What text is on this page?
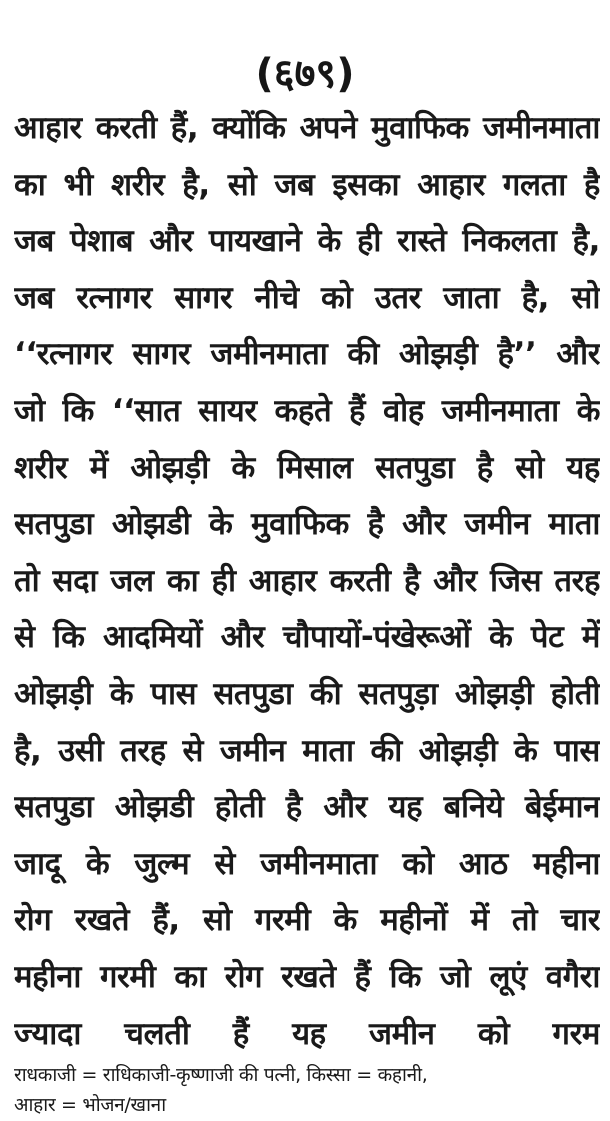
(६७९)
आहार करती हैं, क्योंकि अपने मुवाफिक जमीनमाता
का भी शरीर है, सो जब इसका आहार गलता है
जब पेशाब और पायखाने के ही रास्ते निकलता है,
जब रत्नागर सागर नीचे को उतर जाता है, सो
‘‘रत्नागर सागर जमीनमाता की ओझड़ी है’’ और
जो कि ‘‘सात सायर कहते हैं वोह जमीनमाता के
शरीर में ओझड़ी के मिसाल सतपुडा है सो यह
सतपुडा ओझडी के मुवाफिक है और जमीन माता
तो सदा जल का ही आहार करती है और जिस तरह
से कि आदमियों और चौपायों-पंखेरूओं के पेट में
ओझड़ी के पास सतपुडा की सतपुड़ा ओझड़ी होती
है, उसी तरह से जमीन माता की ओझड़ी के पास
सतपुडा ओझडी होती है और यह बनिये बेईमान
जादू के जुल्म से जमीनमाता को आठ महीना
रोग रखते हैं, सो गरमी के महीनों में तो चार
महीना गरमी का रोग रखते हैं कि जो लूएं वगैरा
ज्यादा चलती हैं यह जमीन को गरम
राधकाजी = राधिकाजी-कृष्णाजी की पत्नी, किस्सा = कहानी,
आहार = भोजन/खाना
